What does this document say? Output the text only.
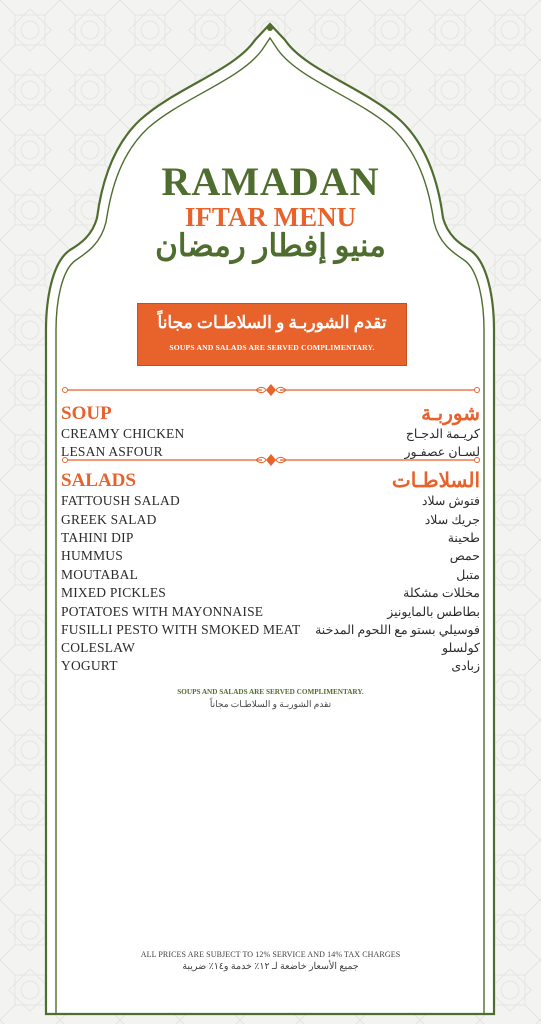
RAMADAN
IFTAR MENU
منيو إفطار رمضان
تقدم الشوربـة و السلاطـات مجاناً
SOUPS AND SALADS ARE SERVED COMPLIMENTARY.
SOUP	شوربـة
CREAMY CHICKEN	كريـمة الدجـاج
LESAN ASFOUR	لسـان عصفـور
SALADS	السلاطـات
FATTOUSH SALAD	فتوش سلاد
GREEK SALAD	جريك سلاد
TAHINI DIP	طحينة
HUMMUS	حمص
MOUTABAL	متبل
MIXED PICKLES	مخللات مشكلة
POTATOES WITH MAYONNAISE	بطاطس بالمايونيز
FUSILLI PESTO WITH SMOKED MEAT فوسيلي بستو مع اللحوم المدخنة
COLESLAW	كولسلو
YOGURT	زبادى
SOUPS AND SALADS ARE SERVED COMPLIMENTARY.
تقدم الشوربـة و السلاطـات مجاناً
ALL PRICES ARE SUBJECT TO 12% SERVICE AND 14% TAX CHARGES
جميع الأسعار خاضعة لـ ١٢٪ خدمة و١٤٪ ضريبة
